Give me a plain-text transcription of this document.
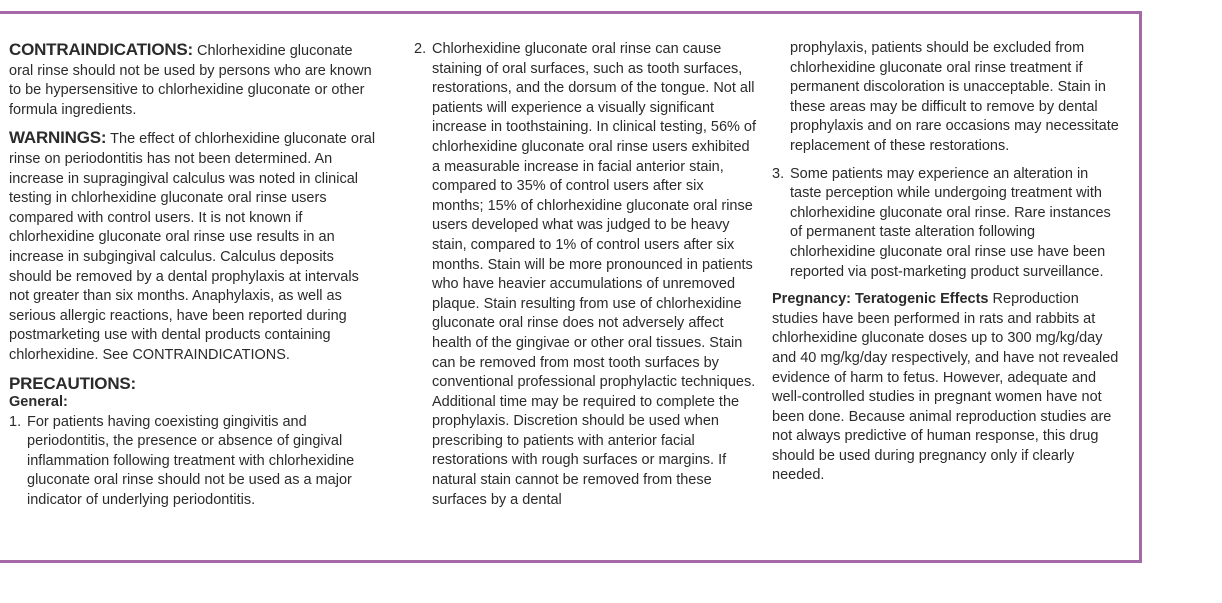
CONTRAINDICATIONS: Chlorhexidine gluconate oral rinse should not be used by persons who are known to be hypersensitive to chlorhexidine gluconate or other formula ingredients.

WARNINGS: The effect of chlorhexidine gluconate oral rinse on periodontitis has not been determined. An increase in supragingival calculus was noted in clinical testing in chlorhexidine gluconate oral rinse users compared with control users. It is not known if chlorhexidine gluconate oral rinse use results in an increase in subgingival calculus. Calculus deposits should be removed by a dental prophylaxis at intervals not greater than six months. Anaphylaxis, as well as serious allergic reactions, have been reported during postmarketing use with dental products containing chlorhexidine. See CONTRAINDICATIONS.

PRECAUTIONS:

General:

1. For patients having coexisting gingivitis and periodontitis, the presence or absence of gingival inflammation following treatment with chlorhexidine gluconate oral rinse should not be used as a major indicator of underlying periodontitis.
2. Chlorhexidine gluconate oral rinse can cause staining of oral surfaces, such as tooth surfaces, restorations, and the dorsum of the tongue. Not all patients will experience a visually significant increase in toothstaining. In clinical testing, 56% of chlorhexidine gluconate oral rinse users exhibited a measurable increase in facial anterior stain, compared to 35% of control users after six months; 15% of chlorhexidine gluconate oral rinse users developed what was judged to be heavy stain, compared to 1% of control users after six months. Stain will be more pronounced in patients who have heavier accumulations of unremoved plaque. Stain resulting from use of chlorhexidine gluconate oral rinse does not adversely affect health of the gingivae or other oral tissues. Stain can be removed from most tooth surfaces by conventional professional prophylactic techniques. Additional time may be required to complete the prophylaxis. Discretion should be used when prescribing to patients with anterior facial restorations with rough surfaces or margins. If natural stain cannot be removed from these surfaces by a dental
prophylaxis, patients should be excluded from chlorhexidine gluconate oral rinse treatment if permanent discoloration is unacceptable. Stain in these areas may be difficult to remove by dental prophylaxis and on rare occasions may necessitate replacement of these restorations.
3. Some patients may experience an alteration in taste perception while undergoing treatment with chlorhexidine gluconate oral rinse. Rare instances of permanent taste alteration following chlorhexidine gluconate oral rinse use have been reported via post-marketing product surveillance.

Pregnancy: Teratogenic Effects Reproduction studies have been performed in rats and rabbits at chlorhexidine gluconate doses up to 300 mg/kg/day and 40 mg/kg/day respectively, and have not revealed evidence of harm to fetus. However, adequate and well-controlled studies in pregnant women have not been done. Because animal reproduction studies are not always predictive of human response, this drug should be used during pregnancy only if clearly needed.
